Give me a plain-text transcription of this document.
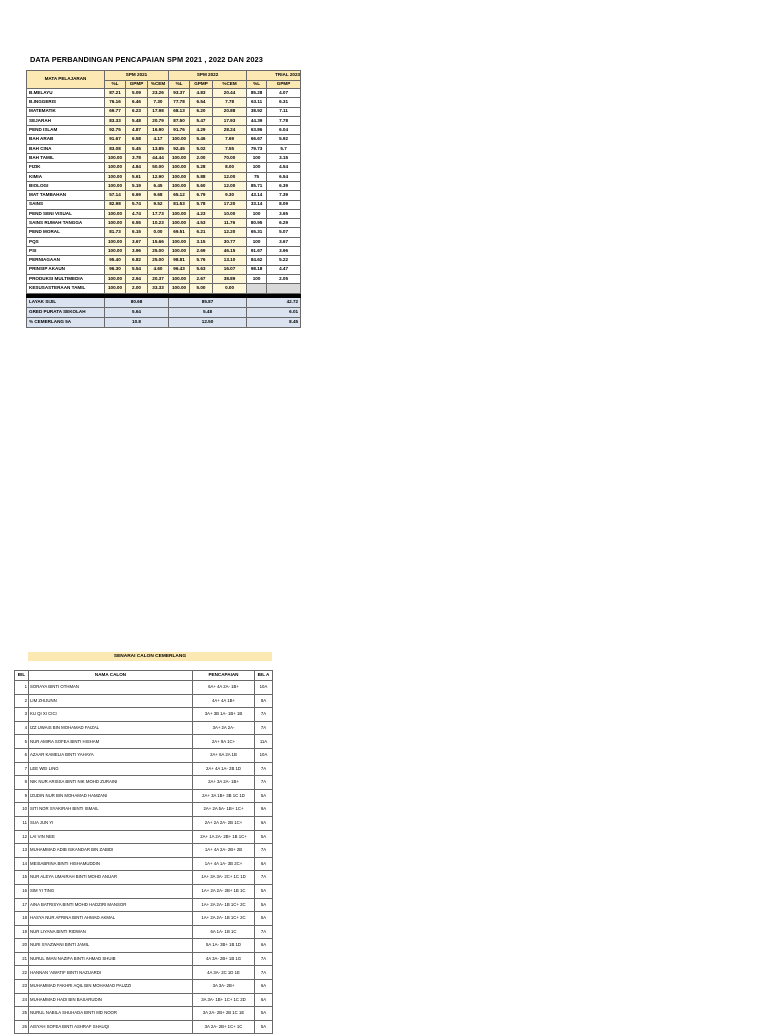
DATA PERBANDINGAN PENCAPAIAN SPM 2021 , 2022 DAN 2023
MATA PELAJARAN	SPM 2021			SPM 2022			TRIAL 2023	
	%L	GPMP	%CEM	%L	GPMP	%CEM	%L	GPMP
B.MELAYU	87.21	5.09	23.26	93.37	4.83	20.44	85.28	4.07
B.INGGERIS	76.16	6.46	7.30	77.78	6.54	7.78	63.11	6.31
MATEMATIK	69.77	6.23	17.98	68.13	6.20	20.88	38.92	7.11
SEJARAH	83.33	5.48	20.79	87.50	5.47	17.93	44.39	7.78
PEND ISLAM	92.75	4.87	16.90	91.76	4.29	28.24	63.86	6.04
BAH ARAB	91.67	6.58	4.17	100.00	5.46	7.69	66.67	5.92
BAH CINA	83.08	5.45	13.85	92.45	5.02	7.55	79.73	5.7
BAH TAMIL	100.00	3.78	44.44	100.00	2.00	70.00	100	3.15
FIZIK	100.00	4.84	50.00	100.00	5.28	8.00	100	4.54
KIMIA	100.00	5.61	12.90	100.00	5.88	12.00	75	6.54
BIOLOGI	100.00	5.19	6.45	100.00	5.60	12.00	85.71	6.39
MAT TAMBAHAN	57.14	6.69	9.68	65.12	6.79	9.30	43.14	7.39
SAINS	82.98	5.74	9.52	81.53	5.78	17.20	33.14	8.09
PEND SENI VISUAL	100.00	4.74	17.73	100.00	4.23	10.00	100	3.65
SAINS RUMAH TANGGA	100.00	6.55	10.23	100.00	4.53	11.76	80.95	6.29
PEND MORAL	81.73	6.15	0.00	69.51	6.21	12.20	65.31	5.07
PQS	100.00	3.67	15.66	100.00	3.15	30.77	100	3.67
PSI	100.00	3.96	25.00	100.00	2.69	46.15	91.67	3.96
PERNIAGAAN	95.40	6.82	25.00	98.81	5.76	13.10	84.62	5.22
PRINSIP AKAUN	96.30	5.54	4.60	96.43	5.63	16.07	98.18	4.47
PRODUKSI MULTIMEDIA	100.00	2.94	20.37	100.00	2.67	38.89	100	2.05
KESUSASTERAAN TAMIL	100.00	2.00	33.33	100.00	5.00	0.00		

LAYAK SIJIL	80.68			85.87			42.72	
GRED PURATA SEKOLAH	5.64			5.48			6.01	
% CEMERLANG 5A	10.8			12.50			8.45	
SENARAI CALON CEMERLANG
BIL	NAMA CALON	PENCAPAIAN	BIL A
1	SORAYA BINTI OTHMAN	6A+ 4A 2A- 1B+	10A
2	LIM ZHIJUNN	4A+ 4A 1B+	8A
3	KU QI XI CICI	3A+ 3B 1A- 1B+ 1B	7A
4	IZZ UWAIS BIN MOHAMAD FAIZAL	3A+ 2A 2A-	7A
5	NUR AMIRA SOFEA BINTI HISHAM	2A+ 9A 1C+	11A
6	AZAAR KAMELIA BINTI YAHAYA	2A+ 6A 2A 1B	10A
7	LEE WEI LING	2A+ 4A 1A- 2B 1D	7A
8	NIK NUR ARISSA BINTI NIK MOHD ZURAINI	2A+ 3A 2A- 1B+	7A
9	IZUDIN NUR BIN MOHAMAD HAMZANI	2A+ 3A 1B+ 3B 1C 1D	5A
10	SITI NOR SYAKIRAH BINTI ISMAIL	2A+ 2A 5A- 1B+ 1C+	9A
11	SUA JUN YI	2A+ 2A 2A- 2B 1C+	6A
12	LAI VIN NEE	2A+ 1A 2A- 2B+ 1B 1C+	5A
13	MUHAMMAD ADIB ISKANDAR BIN ZABIDI	1A+ 4A 2A- 2B+ 2B	7A
14	MEISABRINA BINTI HISHAMUDDIN	1A+ 4A 1A- 3B 2C+	6A
15	NUR ALEYA UMAIRAH BINTI MOHD ANUAR	1A+ 3A 3A- 2C+ 1C 1D	7A
16	SIM YI TING	1A+ 2A 2A- 2B+ 1B 1C	5A
17	AINA BATRISYA BINTI MOHD HADZIRI MANSOR	1A+ 2A 2A- 1B 1C+ 2C	5A
18	HASYA NUR AFRINA BINTI AHMAD AKMAL	1A+ 2A 2A- 1B 1C+ 2C	5A
19	NUR LIYANA BINTI RIDWAN	6A 1A- 1B 1C	7A
20	NURI SYAZWANI BINTI JAMIL	5A 1A- 3B+ 1B 1D	6A
21	NURUL IMAN NAZIFA BINTI AHMAD SHUIB	4A 3A- 2B+ 1B 1G	7A
22	HANNAN 'AWATIF BINTI NAZUARDI	4A 3A- 2C 1D 1E	7A
23	MUHAMMAD FAKHRI AQIL BIN MOHAMAD PAUZZI	3A 3A- 2B+	6A
24	MUHAMMAD HADI BIN BASARUDIN	3A 3A- 1B+ 1C+ 1C 2D	6A
25	NURUL NABILA SHUHADA BINTI MD NOOR	3A 2A- 2B+ 2B 1C 1E	5A
26	AISYAH SOFEA BINTI ASHRAF SHAUQI	3A 2A- 2B+ 1C+ 1C	5A
